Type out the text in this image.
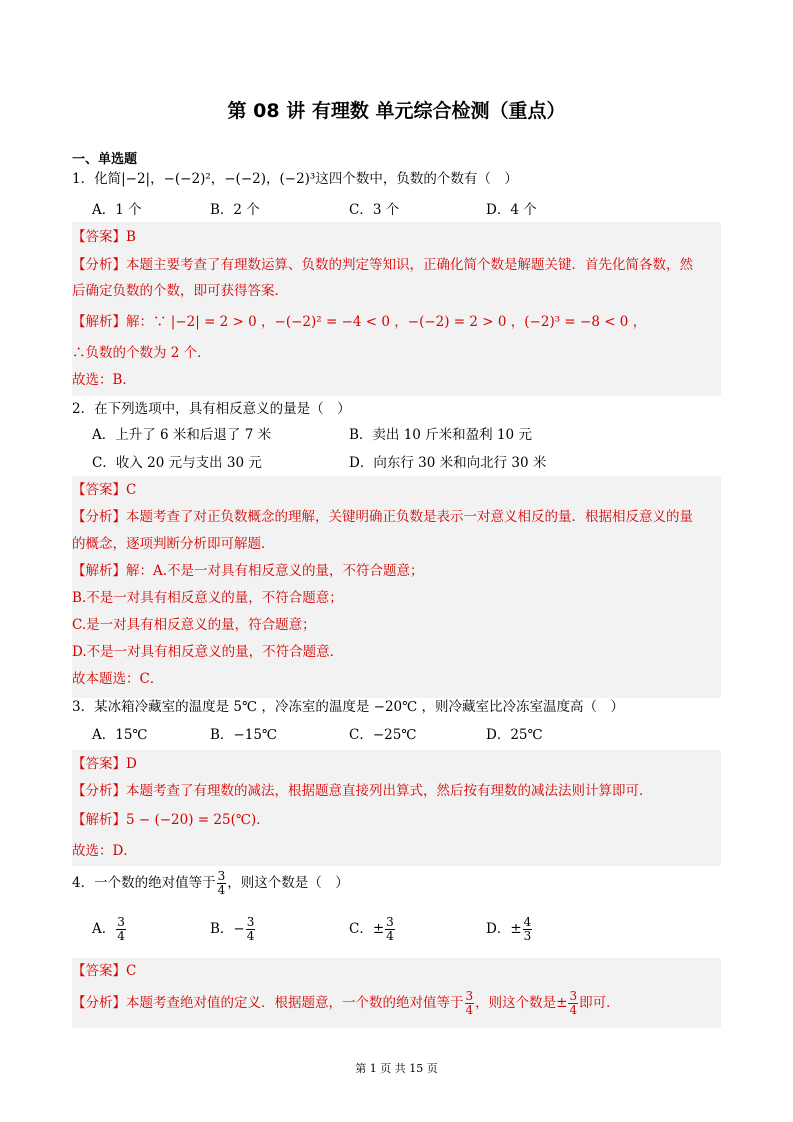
第 08 讲 有理数 单元综合检测（重点）
一、单选题
1．化简|−2|，−(−2)²，−(−2)，(−2)³这四个数中，负数的个数有（　）
A．1 个	B．2 个	C．3 个	D．4 个
【答案】B
【分析】本题主要考查了有理数运算、负数的判定等知识，正确化简个数是解题关键．首先化简各数，然
后确定负数的个数，即可获得答案．
【解析】解：∵ |−2| = 2 > 0 ，−(−2)² = −4 < 0 ，−(−2) = 2 > 0 ，(−2)³ = −8 < 0 ，
∴负数的个数为 2 个．
故选：B．
2．在下列选项中，具有相反意义的量是（　）
A．上升了 6 米和后退了 7 米	B．卖出 10 斤米和盈利 10 元
C．收入 20 元与支出 30 元	D．向东行 30 米和向北行 30 米
【答案】C
【分析】本题考查了对正负数概念的理解，关键明确正负数是表示一对意义相反的量．根据相反意义的量
的概念，逐项判断分析即可解题．
【解析】解：A.不是一对具有相反意义的量，不符合题意；
B.不是一对具有相反意义的量，不符合题意；
C.是一对具有相反意义的量，符合题意；
D.不是一对具有相反意义的量，不符合题意．
故本题选：C．
3．某冰箱冷藏室的温度是 5℃ ，冷冻室的温度是 −20℃ ，则冷藏室比冷冻室温度高（　）
A．15℃	B．−15℃	C．−25℃	D．25℃
【答案】D
【分析】本题考查了有理数的减法，根据题意直接列出算式，然后按有理数的减法法则计算即可．
【解析】5 − (−20) = 25(℃)．
故选：D．
4．一个数的绝对值等于 $\frac{3}{4}$ ，则这个数是（　）
A． $\frac{3}{4}$	B．− $\frac{3}{4}$	C．± $\frac{3}{4}$	D．± $\frac{4}{3}$
【答案】C
【分析】本题考查绝对值的定义．根据题意，一个数的绝对值等于 $\frac{3}{4}$ ，则这个数是± $\frac{3}{4}$ 即可．
第 1 页 共 15 页
